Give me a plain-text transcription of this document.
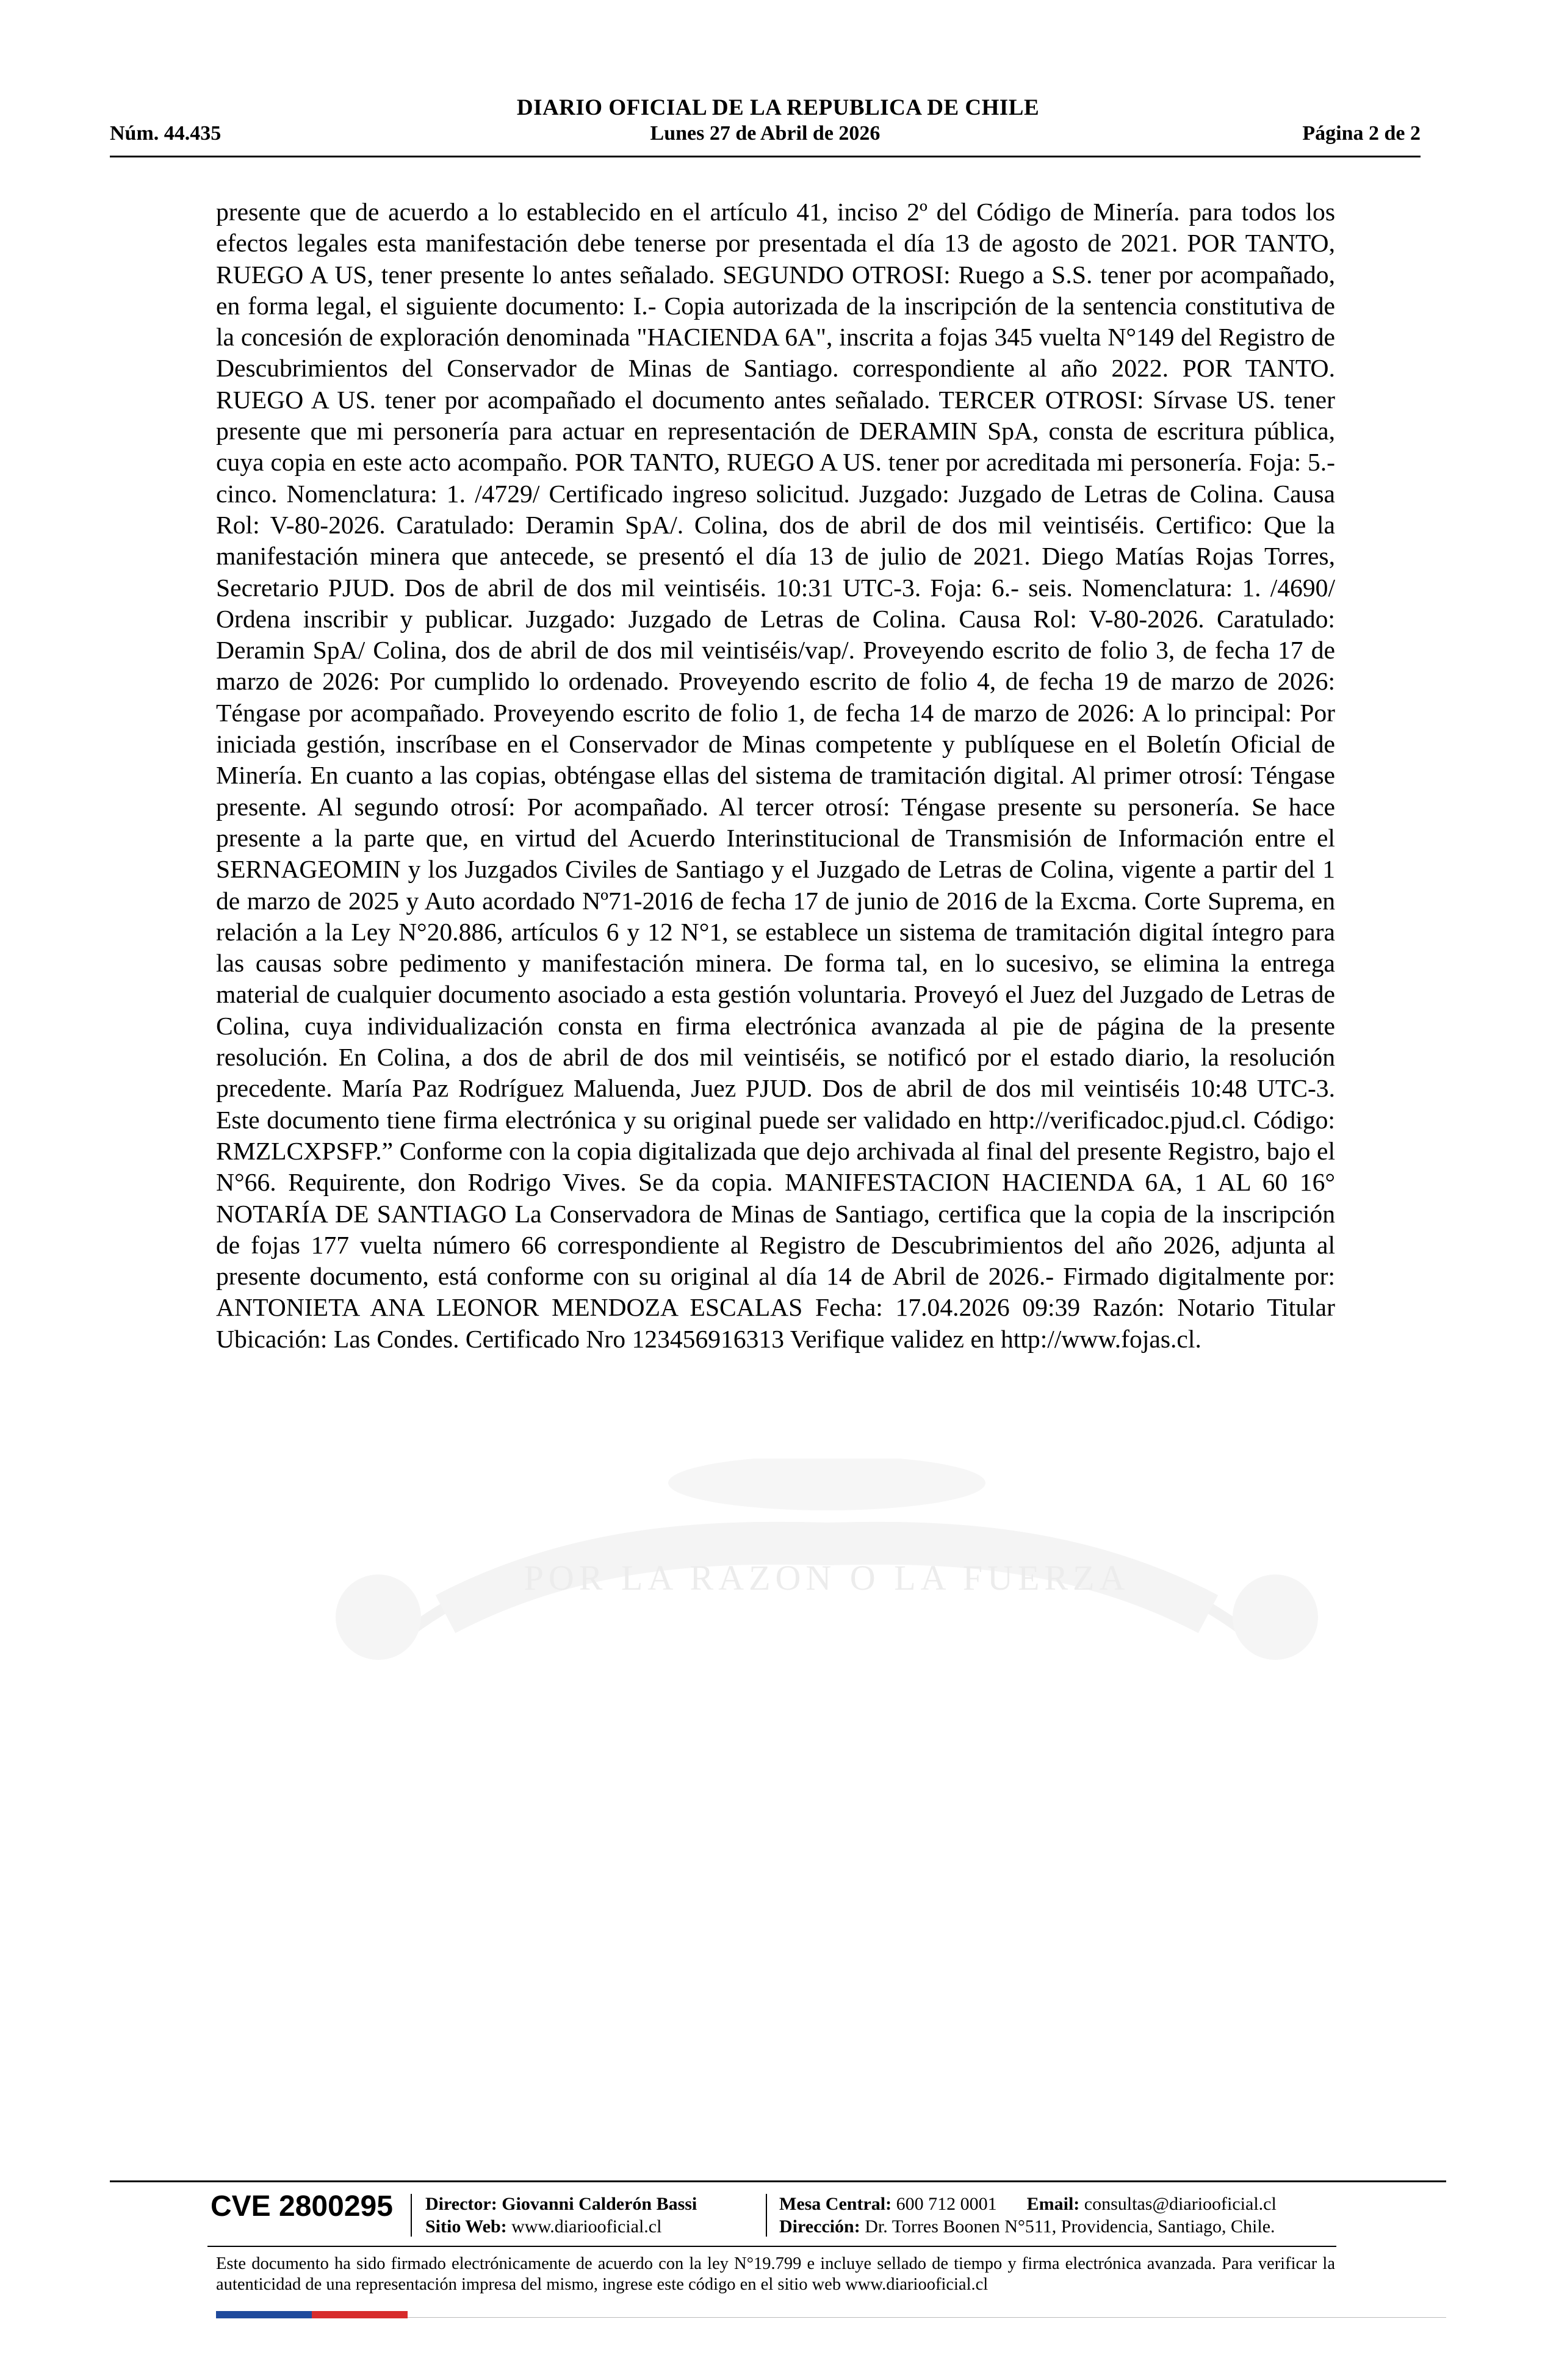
DIARIO OFICIAL DE LA REPUBLICA DE CHILE
Lunes 27 de Abril de 2026
Núm. 44.435	Página 2 de 2
POR LA RAZON O LA FUERZA
presente que de acuerdo a lo establecido en el artículo 41, inciso 2º del Código de Minería. para todos los efectos legales esta manifestación debe tenerse por presentada el día 13 de agosto de 2021. POR TANTO, RUEGO A US, tener presente lo antes señalado. SEGUNDO OTROSI: Ruego a S.S. tener por acompañado, en forma legal, el siguiente documento: I.- Copia autorizada de la inscripción de la sentencia constitutiva de la concesión de exploración denominada "HACIENDA 6A", inscrita a fojas 345 vuelta N°149 del Registro de Descubrimientos del Conservador de Minas de Santiago. correspondiente al año 2022. POR TANTO. RUEGO A US. tener por acompañado el documento antes señalado. TERCER OTROSI: Sírvase US. tener presente que mi personería para actuar en representación de DERAMIN SpA, consta de escritura pública, cuya copia en este acto acompaño. POR TANTO, RUEGO A US. tener por acreditada mi personería. Foja: 5.- cinco. Nomenclatura: 1. /4729/ Certificado ingreso solicitud. Juzgado: Juzgado de Letras de Colina. Causa Rol: V-80-2026. Caratulado: Deramin SpA/. Colina, dos de abril de dos mil veintiséis. Certifico: Que la manifestación minera que antecede, se presentó el día 13 de julio de 2021. Diego Matías Rojas Torres, Secretario PJUD. Dos de abril de dos mil veintiséis. 10:31 UTC-3. Foja: 6.- seis. Nomenclatura: 1. /4690/ Ordena inscribir y publicar. Juzgado: Juzgado de Letras de Colina. Causa Rol: V-80-2026. Caratulado: Deramin SpA/ Colina, dos de abril de dos mil veintiséis/vap/. Proveyendo escrito de folio 3, de fecha 17 de marzo de 2026: Por cumplido lo ordenado. Proveyendo escrito de folio 4, de fecha 19 de marzo de 2026: Téngase por acompañado. Proveyendo escrito de folio 1, de fecha 14 de marzo de 2026: A lo principal: Por iniciada gestión, inscríbase en el Conservador de Minas competente y publíquese en el Boletín Oficial de Minería. En cuanto a las copias, obténgase ellas del sistema de tramitación digital. Al primer otrosí: Téngase presente. Al segundo otrosí: Por acompañado. Al tercer otrosí: Téngase presente su personería. Se hace presente a la parte que, en virtud del Acuerdo Interinstitucional de Transmisión de Información entre el SERNAGEOMIN y los Juzgados Civiles de Santiago y el Juzgado de Letras de Colina, vigente a partir del 1 de marzo de 2025 y Auto acordado Nº71-2016 de fecha 17 de junio de 2016 de la Excma. Corte Suprema, en relación a la Ley N°20.886, artículos 6 y 12 N°1, se establece un sistema de tramitación digital íntegro para las causas sobre pedimento y manifestación minera. De forma tal, en lo sucesivo, se elimina la entrega material de cualquier documento asociado a esta gestión voluntaria. Proveyó el Juez del Juzgado de Letras de Colina, cuya individualización consta en firma electrónica avanzada al pie de página de la presente resolución. En Colina, a dos de abril de dos mil veintiséis, se notificó por el estado diario, la resolución precedente. María Paz Rodríguez Maluenda, Juez PJUD. Dos de abril de dos mil veintiséis 10:48 UTC-3. Este documento tiene firma electrónica y su original puede ser validado en http://verificadoc.pjud.cl. Código: RMZLCXPSFP.” Conforme con la copia digitalizada que dejo archivada al final del presente Registro, bajo el N°66. Requirente, don Rodrigo Vives. Se da copia. MANIFESTACION HACIENDA 6A, 1 AL 60 16° NOTARÍA DE SANTIAGO La Conservadora de Minas de Santiago, certifica que la copia de la inscripción de fojas 177 vuelta número 66 correspondiente al Registro de Descubrimientos del año 2026, adjunta al presente documento, está conforme con su original al día 14 de Abril de 2026.- Firmado digitalmente por: ANTONIETA ANA LEONOR MENDOZA ESCALAS Fecha: 17.04.2026 09:39 Razón: Notario Titular Ubicación: Las Condes. Certificado Nro 123456916313 Verifique validez en http://www.fojas.cl.
CVE 2800295 Director: Giovanni Calderón Bassi
Sitio Web: www.diariooficial.cl
Mesa Central: 600 712 0001 Email: consultas@diariooficial.cl
Dirección: Dr. Torres Boonen N°511, Providencia, Santiago, Chile.
Este documento ha sido firmado electrónicamente de acuerdo con la ley N°19.799 e incluye sellado de tiempo y firma electrónica avanzada. Para verificar la autenticidad de una representación impresa del mismo, ingrese este código en el sitio web www.diariooficial.cl
